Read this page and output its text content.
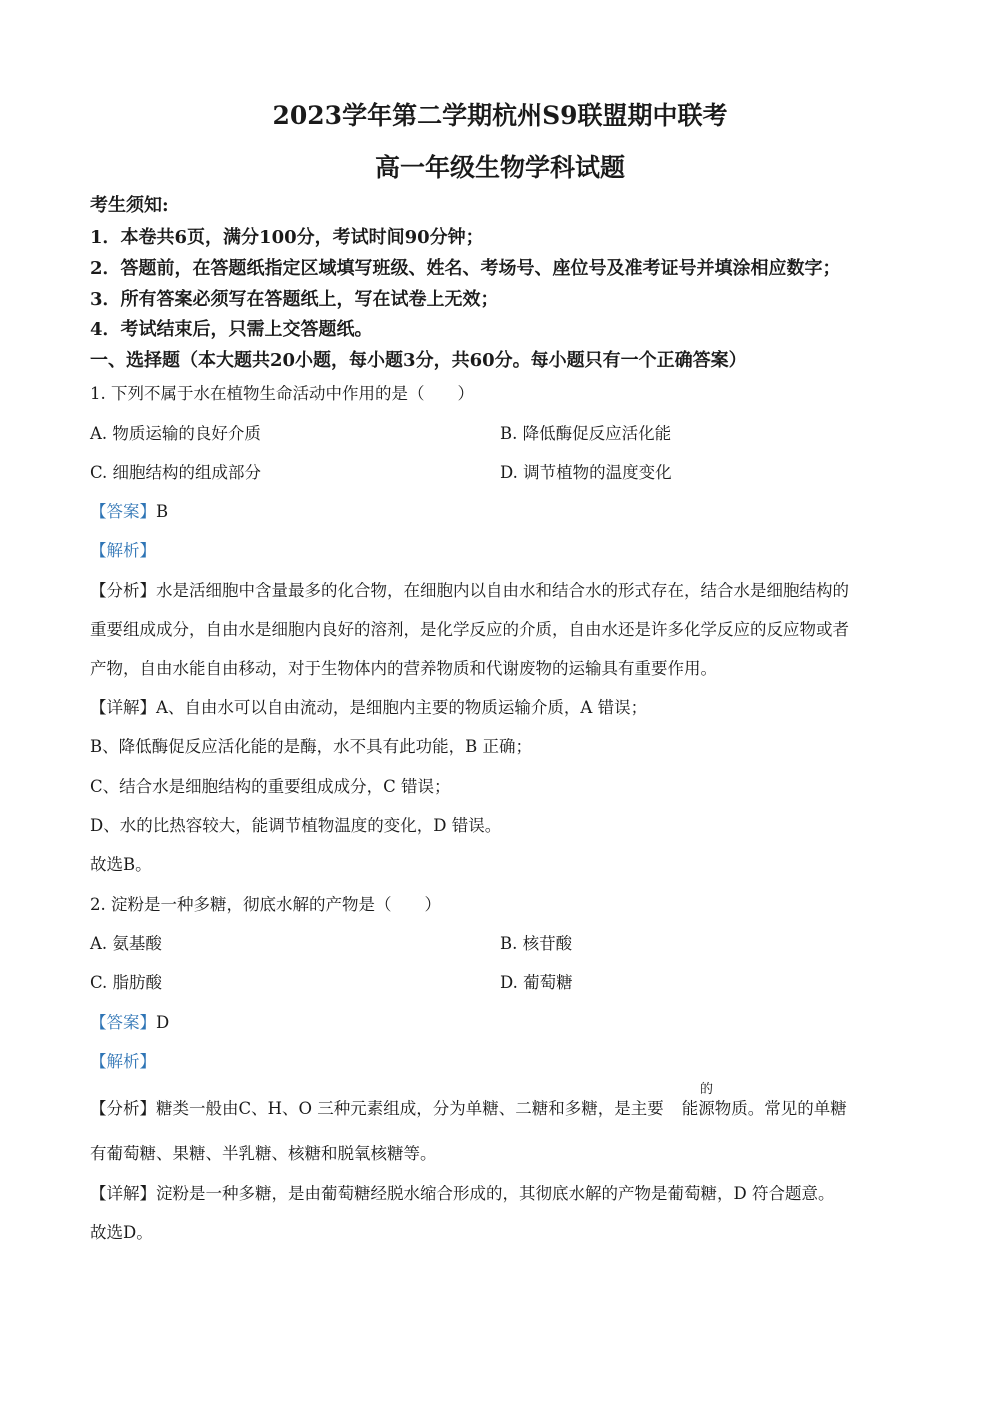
2023学年第二学期杭州S9联盟期中联考
高一年级生物学科试题
考生须知:
1．本卷共6页，满分100分，考试时间90分钟；
2．答题前，在答题纸指定区域填写班级、姓名、考场号、座位号及准考证号并填涂相应数字；
3．所有答案必须写在答题纸上，写在试卷上无效；
4．考试结束后，只需上交答题纸。
一、选择题（本大题共20小题，每小题3分，共60分。每小题只有一个正确答案）
1. 下列不属于水在植物生命活动中作用的是（　　）
A. 物质运输的良好介质	B. 降低酶促反应活化能
C. 细胞结构的组成部分	D. 调节植物的温度变化
【答案】B
【解析】
【分析】水是活细胞中含量最多的化合物，在细胞内以自由水和结合水的形式存在，结合水是细胞结构的
重要组成成分，自由水是细胞内良好的溶剂，是化学反应的介质，自由水还是许多化学反应的反应物或者
产物，自由水能自由移动，对于生物体内的营养物质和代谢废物的运输具有重要作用。
【详解】A、自由水可以自由流动，是细胞内主要的物质运输介质，A 错误；
B、降低酶促反应活化能的是酶，水不具有此功能，B 正确；
C、结合水是细胞结构的重要组成成分，C 错误；
D、水的比热容较大，能调节植物温度的变化，D 错误。
故选B。
2. 淀粉是一种多糖，彻底水解的产物是（　　）
A. 氨基酸	B. 核苷酸
C. 脂肪酸	D. 葡萄糖
【答案】D
【解析】
【分析】糖类一般由C、H、O 三种元素组成，分为单糖、二糖和多糖，是主要 能源物质。常见的单糖
的
有葡萄糖、果糖、半乳糖、核糖和脱氧核糖等。
【详解】淀粉是一种多糖，是由葡萄糖经脱水缩合形成的，其彻底水解的产物是葡萄糖，D 符合题意。
故选D。
